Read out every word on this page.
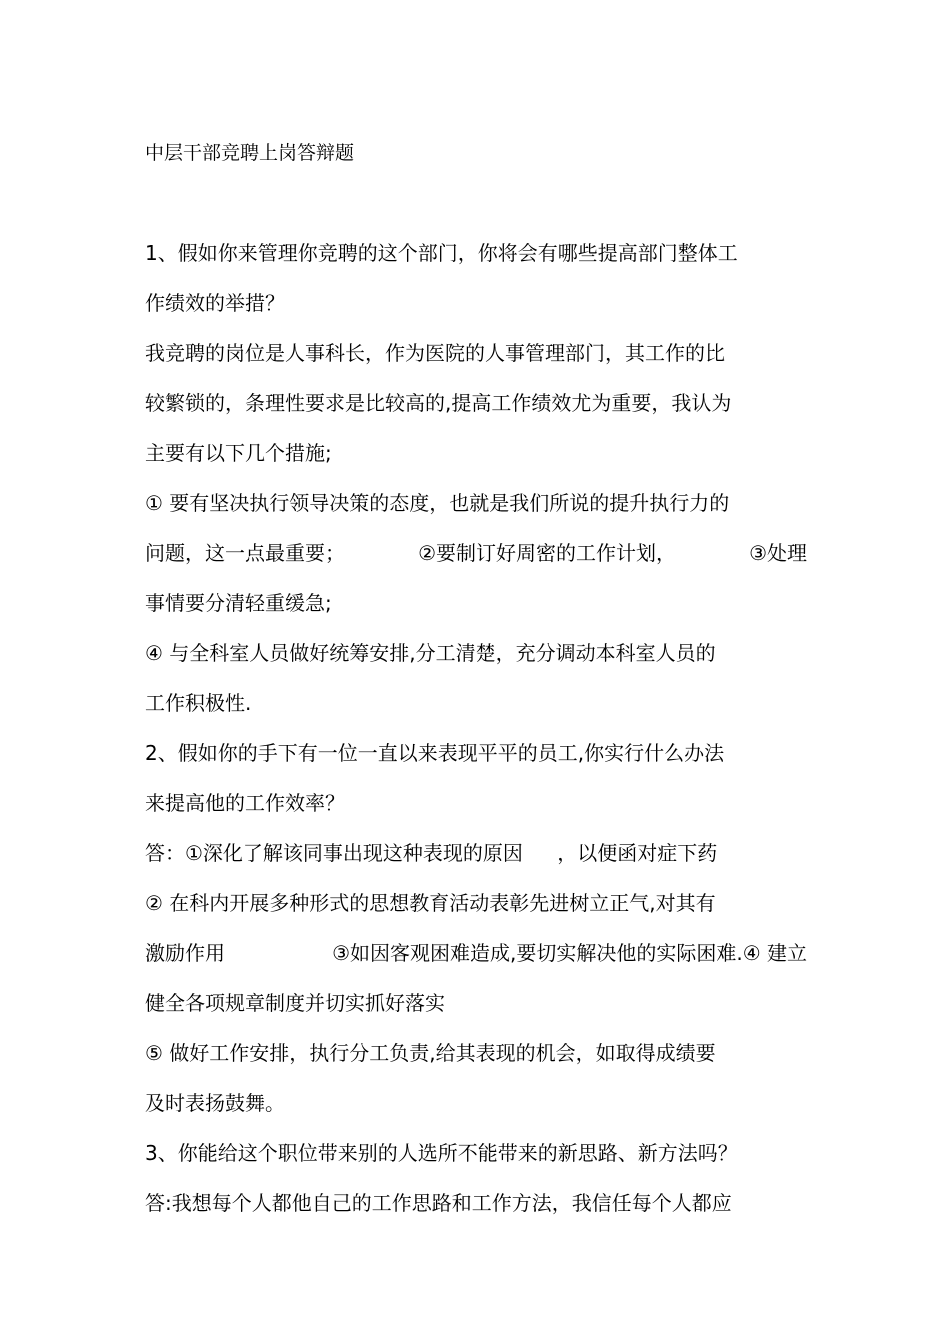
中层干部竞聘上岗答辩题
1、假如你来管理你竞聘的这个部门，你将会有哪些提高部门整体工
作绩效的举措？
我竞聘的岗位是人事科长，作为医院的人事管理部门，其工作的比
较繁锁的，条理性要求是比较高的,提高工作绩效尤为重要，我认为
主要有以下几个措施;
① 要有坚决执行领导决策的态度，也就是我们所说的提升执行力的
问题，这一点最重要；	②要制订好周密的工作计划，	③处理
事情要分清轻重缓急;
④ 与全科室人员做好统筹安排,分工清楚，充分调动本科室人员的
工作积极性.
2、假如你的手下有一位一直以来表现平平的员工,你实行什么办法
来提高他的工作效率？
答：①深化了解该同事出现这种表现的原因 ，以便函对症下药
② 在科内开展多种形式的思想教育活动表彰先进树立正气,对其有
激励作用	③如因客观困难造成,要切实解决他的实际困难.④ 建立
健全各项规章制度并切实抓好落实
⑤ 做好工作安排，执行分工负责,给其表现的机会，如取得成绩要
及时表扬鼓舞。
3、你能给这个职位带来别的人选所不能带来的新思路、新方法吗？
答:我想每个人都他自己的工作思路和工作方法，我信任每个人都应
